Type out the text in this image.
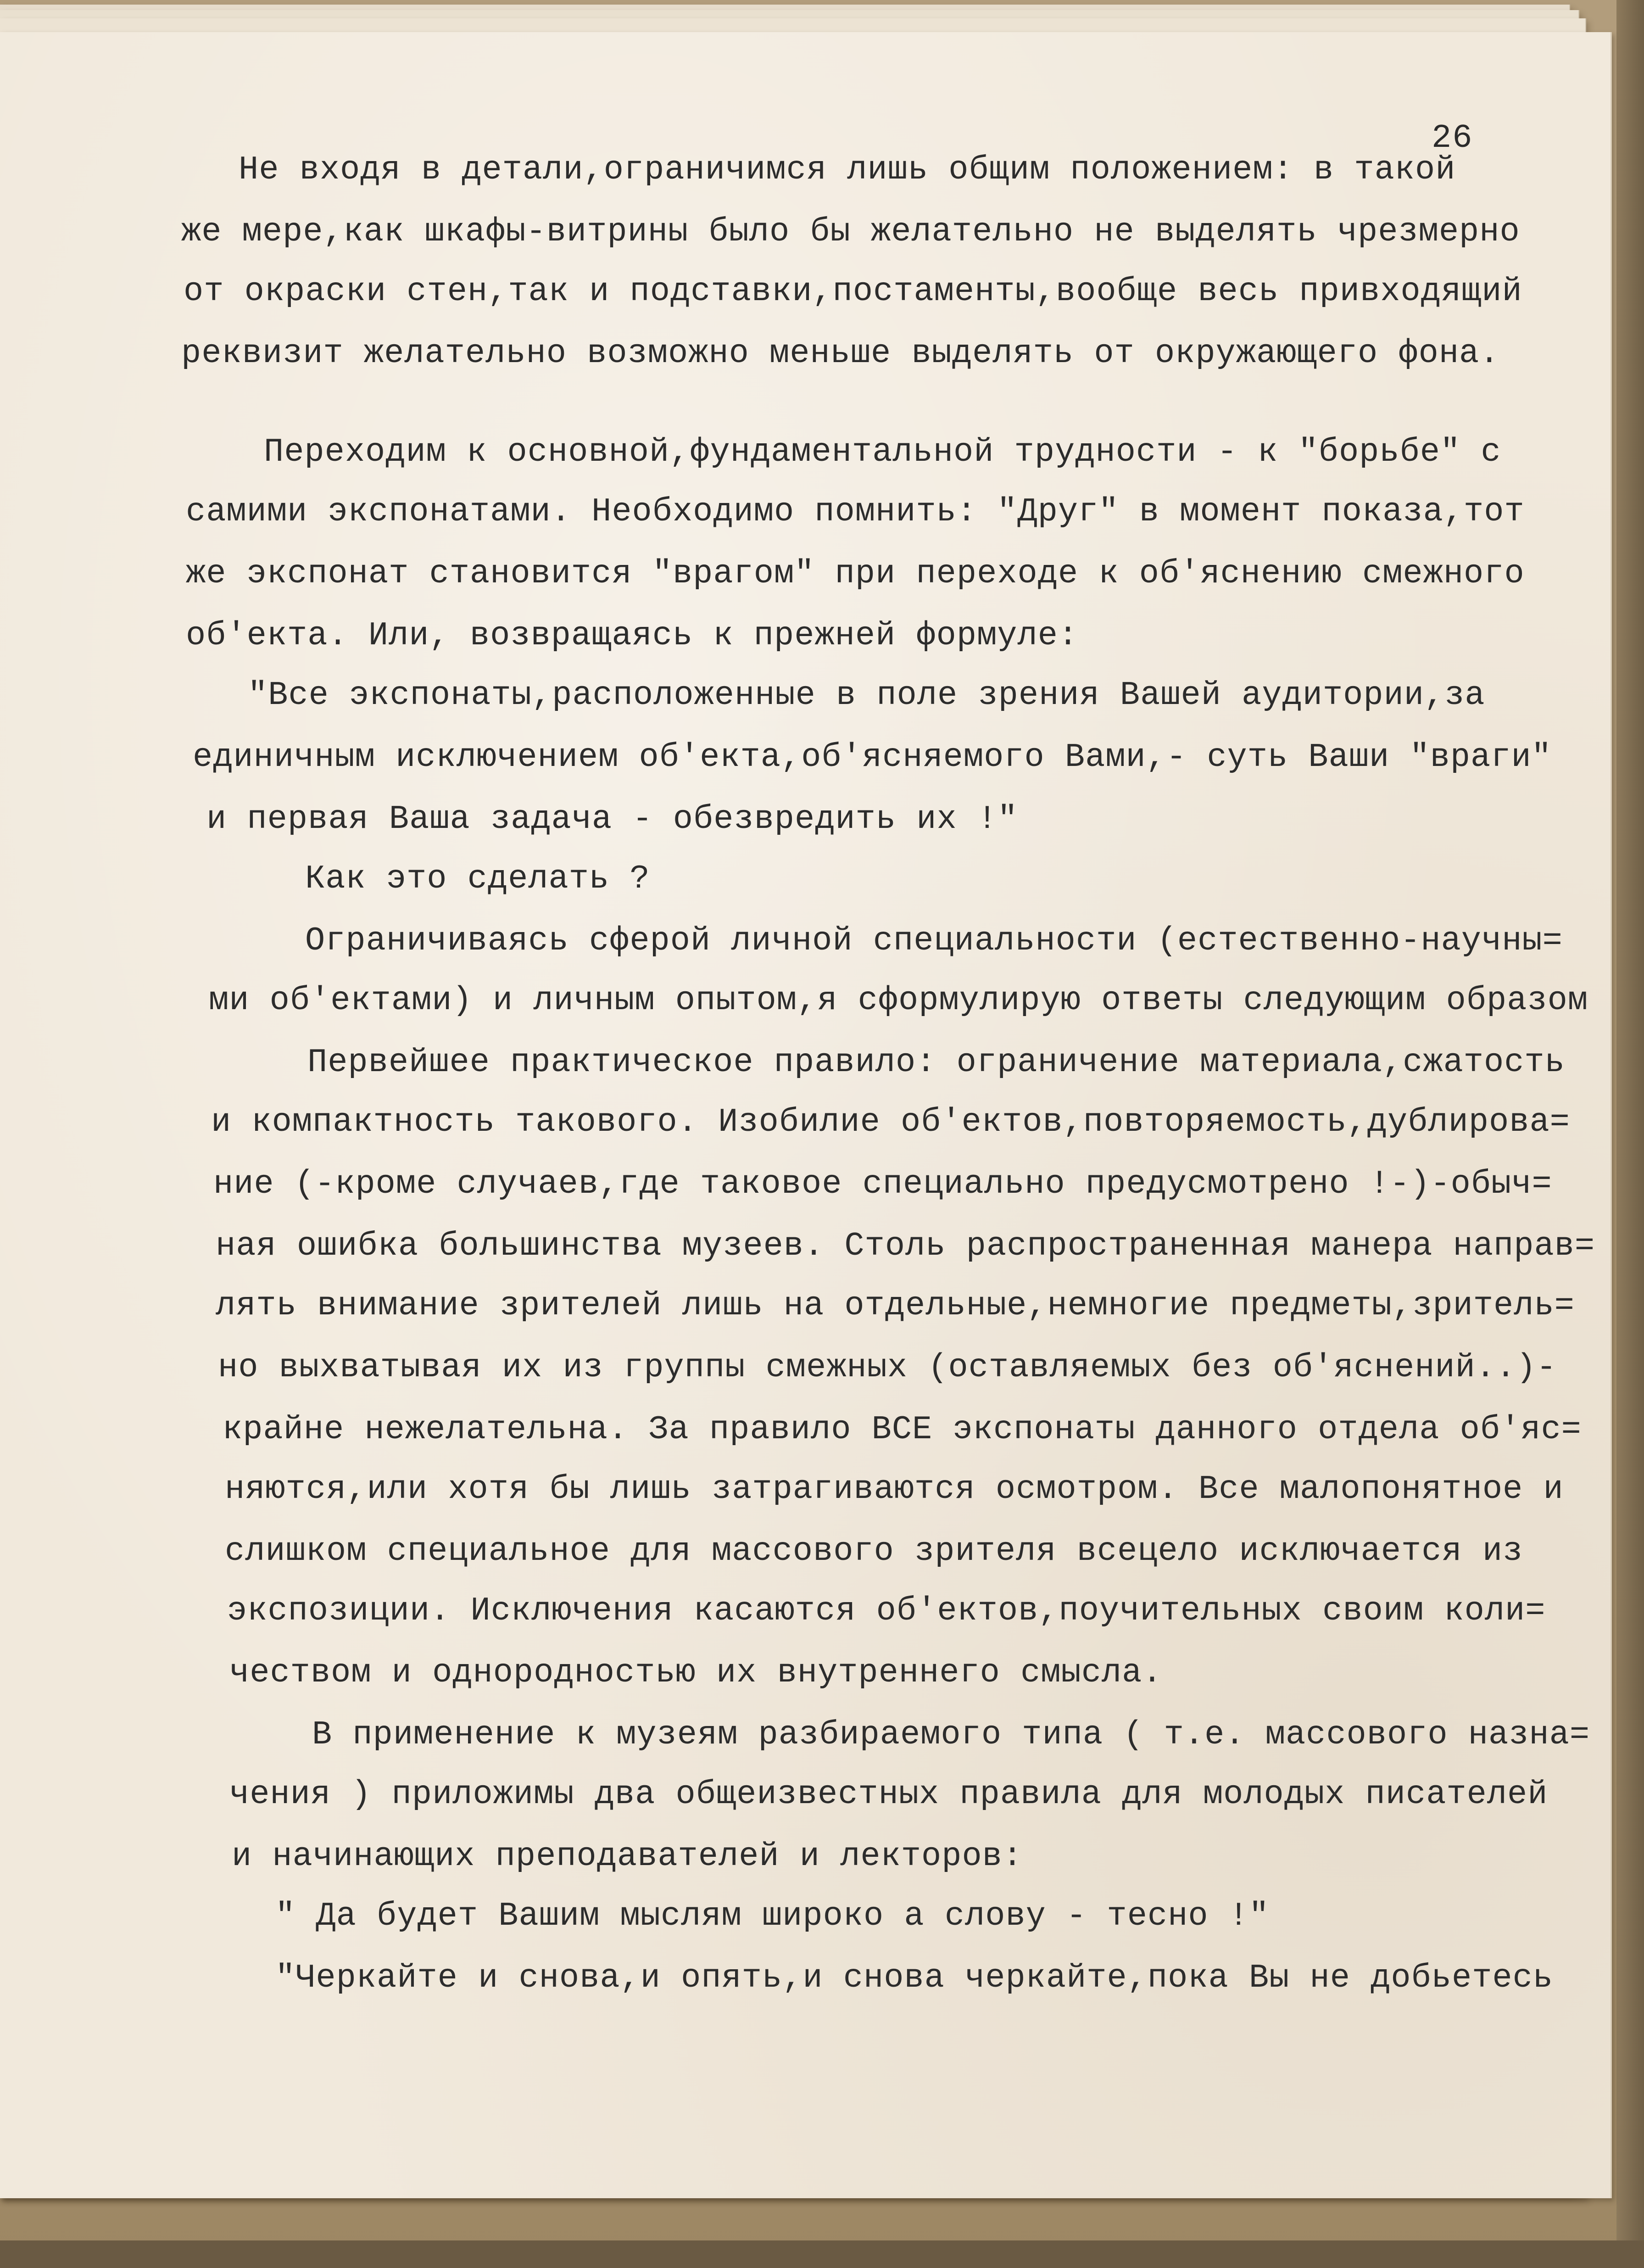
26
Не входя в детали,ограничимся лишь общим положением: в такой
же мере,как шкафы-витрины было бы желательно не выделять чрезмерно
от окраски стен,так и подставки,постаменты,вообще весь привходящий
реквизит желательно возможно меньше выделять от окружающего фона.
Переходим к основной,фундаментальной трудности - к "борьбе" с
самими экспонатами. Необходимо помнить: "Друг" в момент показа,тот
же экспонат становится "врагом" при переходе к об'яснению смежного
об'екта. Или, возвращаясь к прежней формуле:
"Все экспонаты,расположенные в поле зрения Вашей аудитории,за
единичным исключением об'екта,об'ясняемого Вами,- суть Ваши "враги"
и первая Ваша задача - обезвредить их !"
Как это сделать ?
Ограничиваясь сферой личной специальности (естественно-научны=
ми об'ектами) и личным опытом,я сформулирую ответы следующим образом
Первейшее практическое правило: ограничение материала,сжатость
и компактность такового. Изобилие об'ектов,повторяемость,дублирова=
ние (-кроме случаев,где таковое специально предусмотрено !-)-обыч=
ная ошибка большинства музеев. Столь распространенная манера направ=
лять внимание зрителей лишь на отдельные,немногие предметы,зритель=
но выхватывая их из группы смежных (оставляемых без об'яснений..)-
крайне нежелательна. За правило ВСЕ экспонаты данного отдела об'яс=
няются,или хотя бы лишь затрагиваются осмотром. Все малопонятное и
слишком специальное для массового зрителя всецело исключается из
экспозиции. Исключения касаются об'ектов,поучительных своим коли=
чеством и однородностью их внутреннего смысла.
В применение к музеям разбираемого типа ( т.е. массового назна=
чения ) приложимы два общеизвестных правила для молодых писателей
и начинающих преподавателей и лекторов:
" Да будет Вашим мыслям широко а слову - тесно !"
"Черкайте и снова,и опять,и снова черкайте,пока Вы не добьетесь
